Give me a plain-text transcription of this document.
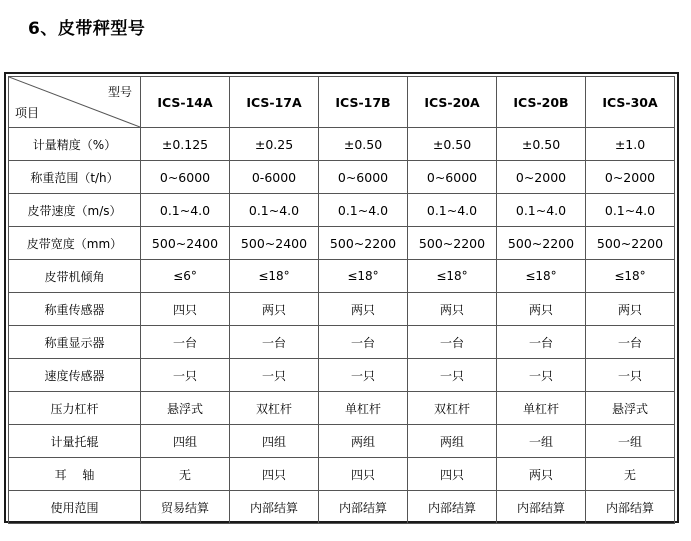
6、皮带秤型号
型号
项目	ICS-14A	ICS-17A	ICS-17B	ICS-20A	ICS-20B	ICS-30A
计量精度（%）	±0.125	±0.25	±0.50	±0.50	±0.50	±1.0
称重范围（t/h）	0~6000	0-6000	0~6000	0~6000	0~2000	0~2000
皮带速度（m/s）	0.1~4.0	0.1~4.0	0.1~4.0	0.1~4.0	0.1~4.0	0.1~4.0
皮带宽度（mm）	500~2400	500~2400	500~2200	500~2200	500~2200	500~2200
皮带机倾角	≤6°	≤18°	≤18°	≤18°	≤18°	≤18°
称重传感器	四只	两只	两只	两只	两只	两只
称重显示器	一台	一台	一台	一台	一台	一台
速度传感器	一只	一只	一只	一只	一只	一只
压力杠杆	悬浮式	双杠杆	单杠杆	双杠杆	单杠杆	悬浮式
计量托辊	四组	四组	两组	两组	一组	一组
耳　 轴	无	四只	四只	四只	两只	无
使用范围	贸易结算	内部结算	内部结算	内部结算	内部结算	内部结算
